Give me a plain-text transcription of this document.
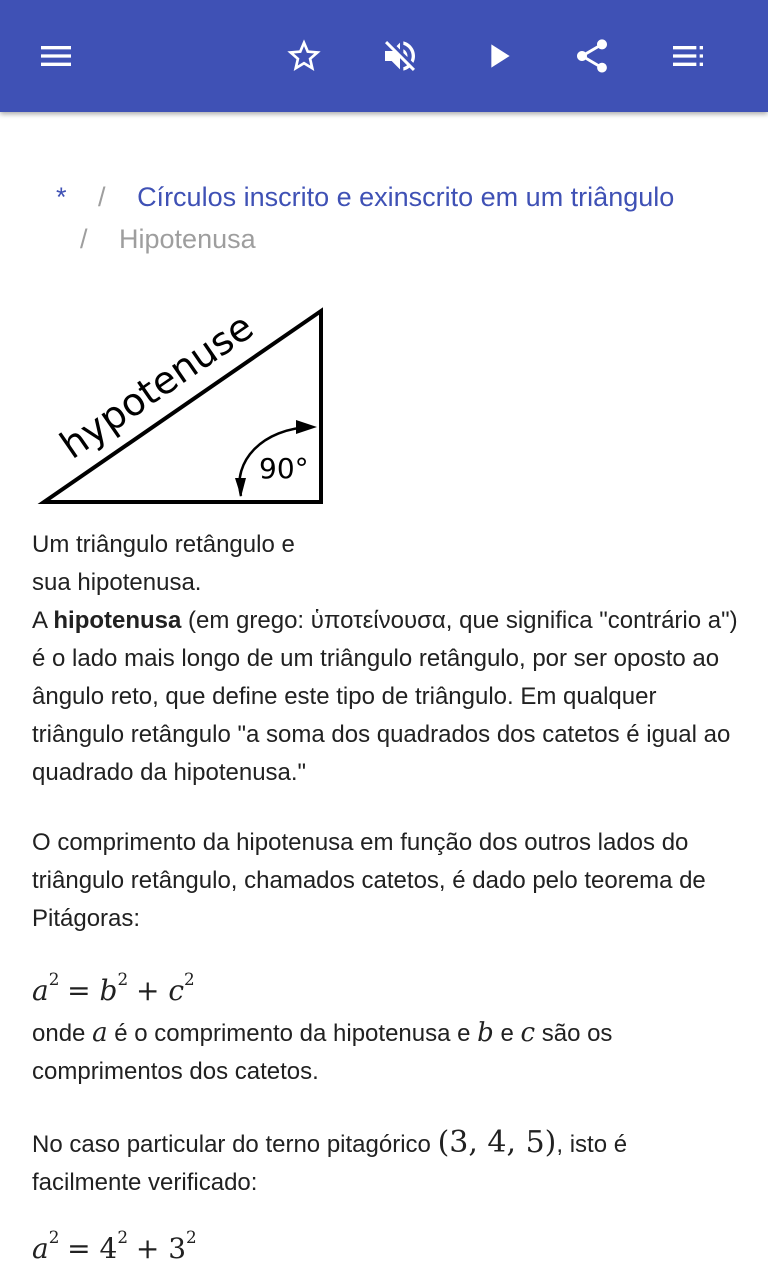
* / Círculos inscrito e exinscrito em um triângulo
/ Hipotenusa
hypotenuse
90°
Um triângulo retângulo e
sua hipotenusa.
A hipotenusa (em grego: ὑποτείνουσα, que significa "contrário a") é o lado mais longo de um triângulo retângulo, por ser oposto ao ângulo reto, que define este tipo de triângulo. Em qualquer triângulo retângulo "a soma dos quadrados dos catetos é igual ao quadrado da hipotenusa."
O comprimento da hipotenusa em função dos outros lados do triângulo retângulo, chamados catetos, é dado pelo teorema de Pitágoras:
$a^2 = b^2 + c^2$
onde a é o comprimento da hipotenusa e b e c são os comprimentos dos catetos.
No caso particular do terno pitagórico (3, 4, 5), isto é facilmente verificado:
$a^2 = 4^2 + 3^2$
